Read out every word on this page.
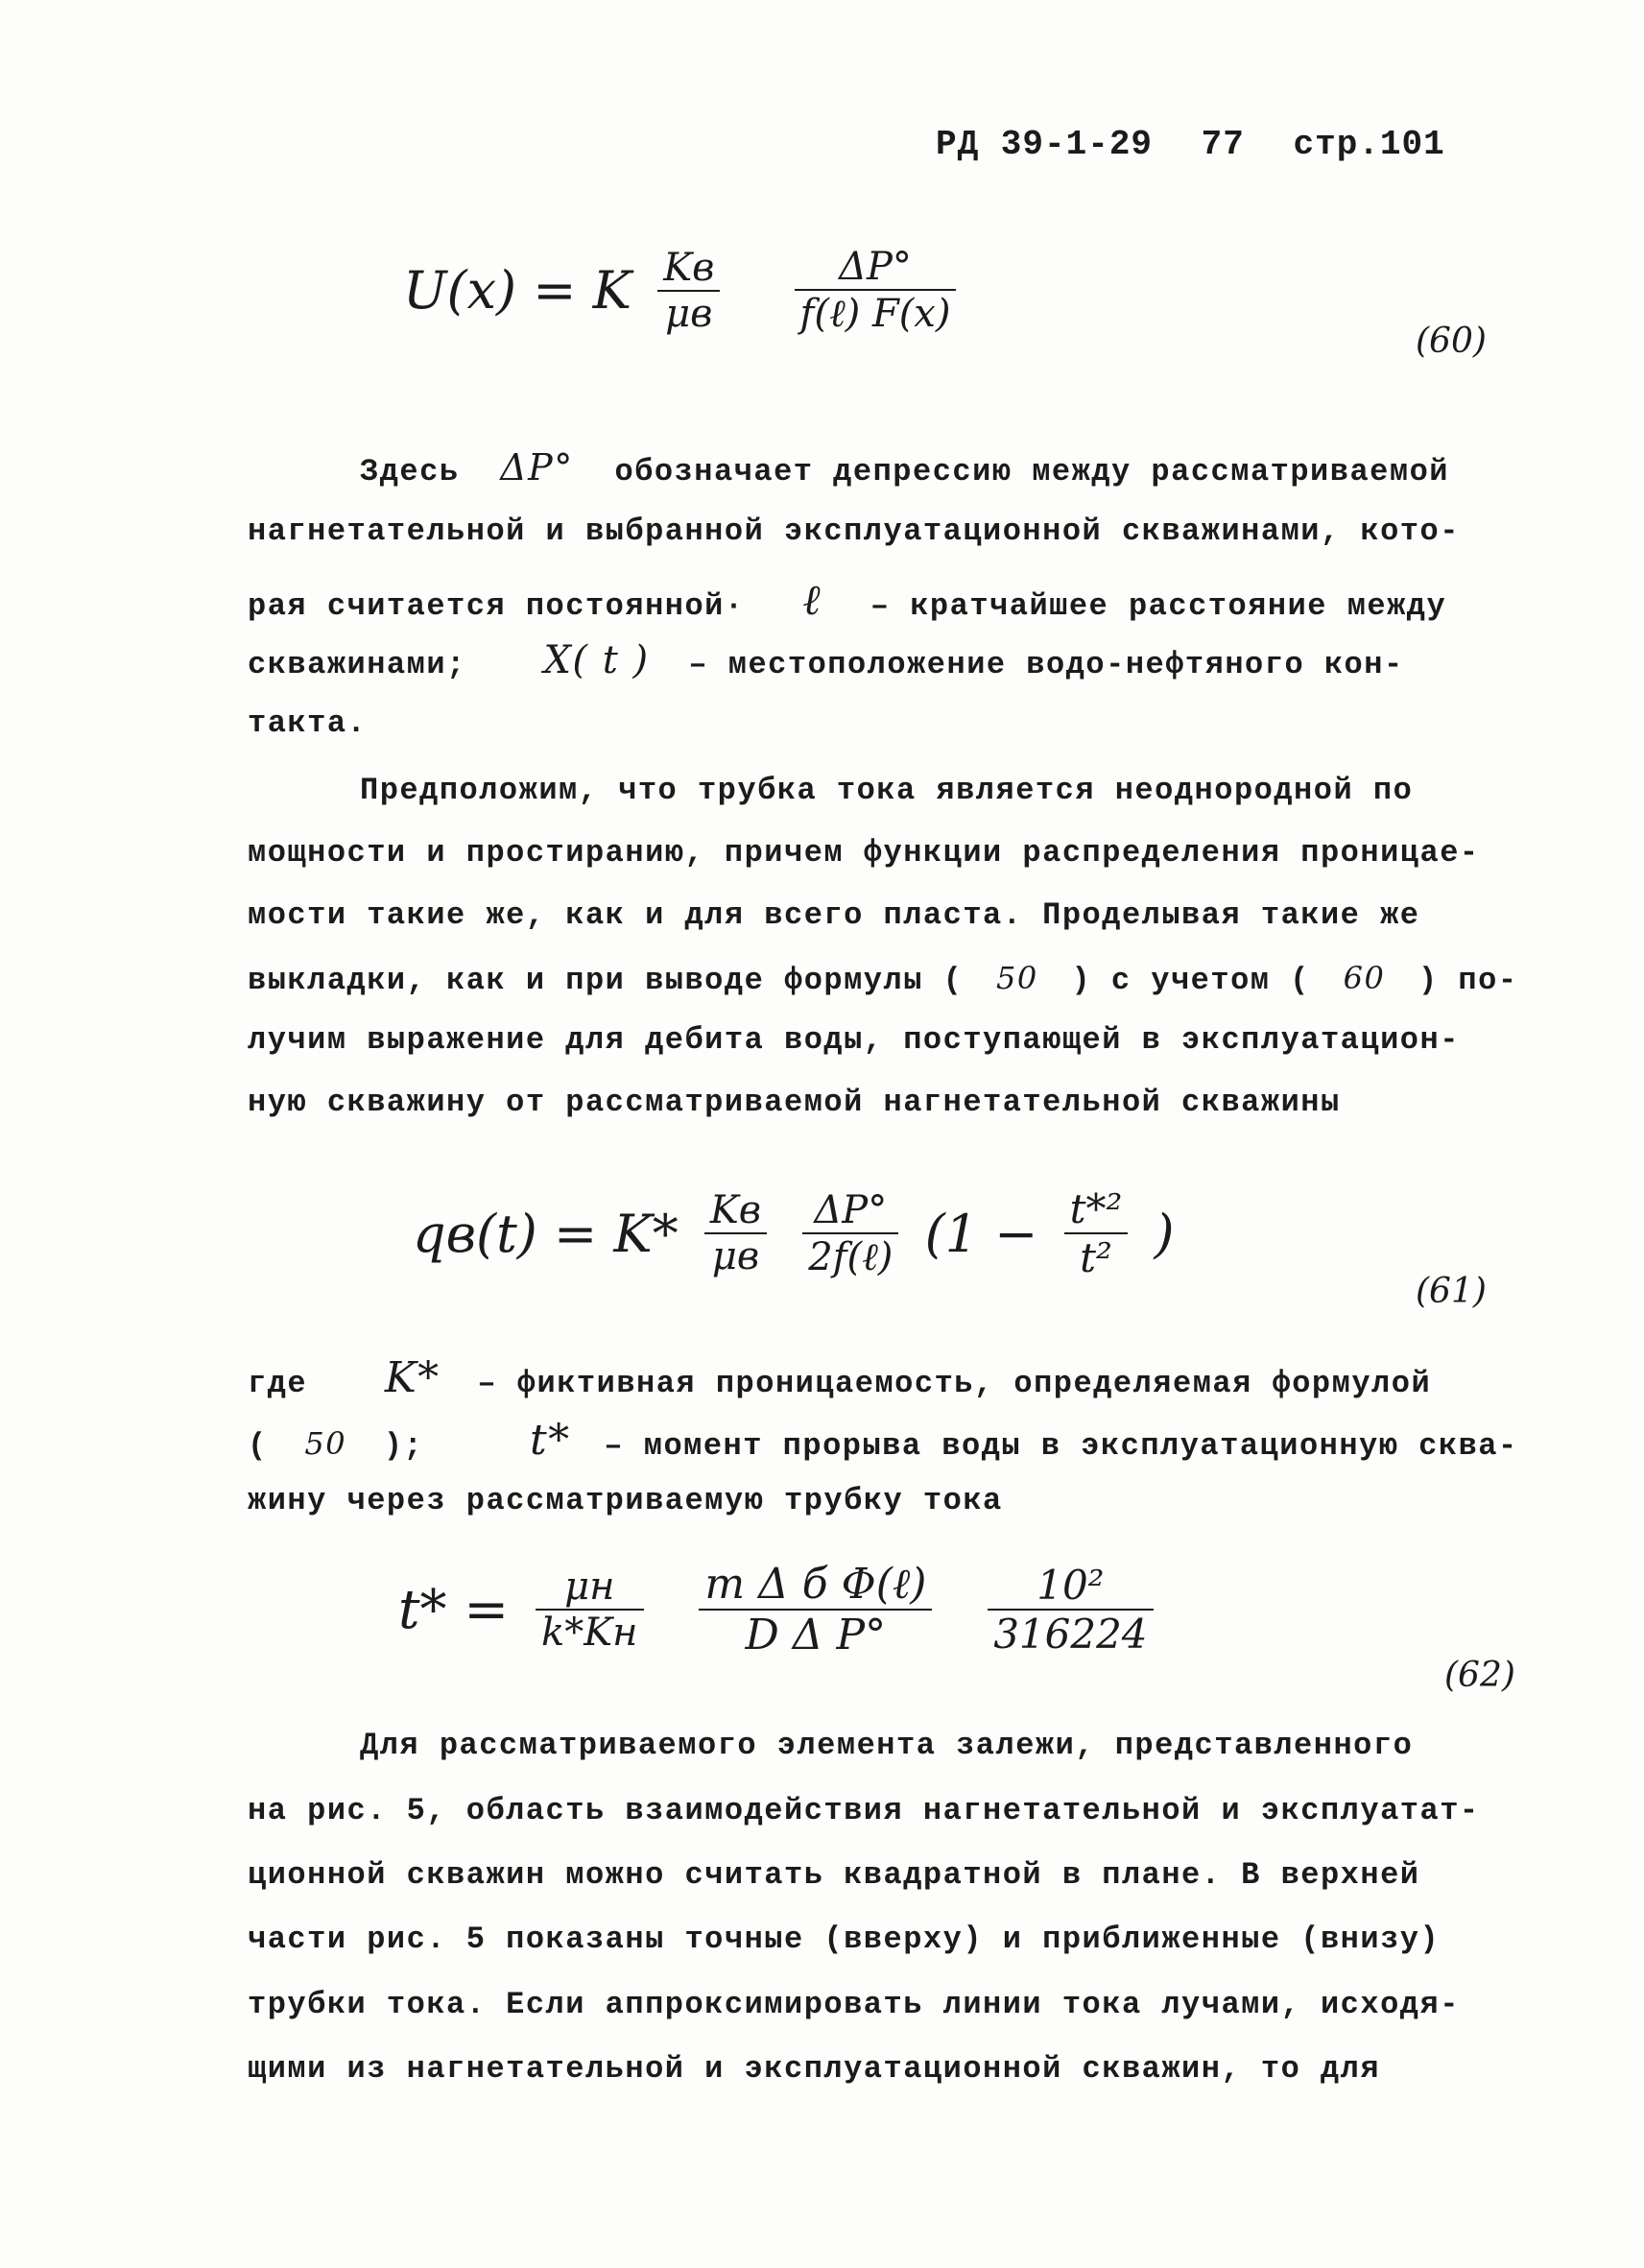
РД 39-1-29 77 стр.101
U(x) = K $\frac{Kв}{\mu в}$
$\frac{\Delta P^\circ}{\text{f(ℓ) F(x)}}$
(60)
Здесь ΔP° обозначает депрессию между рассматриваемой
нагнетательной и выбранной эксплуатационной скважинами, кото-
рая считается постоянной· ℓ – кратчайшее расстояние между
скважинами; X( t ) – местоположение водо-нефтяного кон-
такта.
Предположим, что трубка тока является неоднородной по
мощности и простиранию, причем функции распределения проницае-
мости такие же, как и для всего пласта. Проделывая такие же
выкладки, как и при выводе формулы ( 50 ) с учетом ( 60 ) по-
лучим выражение для дебита воды, поступающей в эксплуатацион-
ную скважину от рассматриваемой нагнетательной скважины
$qв(t) = K* \frac{Kв}{\mu в}$
$\frac{\Delta P^\circ}{\text{2f(ℓ)}} (1 - \frac{\text{t*²}}{\text{t²}}$ )
(61)
где K* – фиктивная проницаемость, определяемая формулой
( 50 );	t* – момент прорыва воды в эксплуатационную сква-
жину через рассматриваемую трубку тока
$t* = \frac{\mu н}{k*Kн}$
$\frac{\text{m Δ б Φ(ℓ)}}{\text{D Δ P°}}$
$\frac{\text{10²}}{316224}$
(62)
Для рассматриваемого элемента залежи, представленного
на рис. 5, область взаимодействия нагнетательной и эксплуатат-
ционной скважин можно считать квадратной в плане. В верхней
части рис. 5 показаны точные (вверху) и приближенные (внизу)
трубки тока. Если аппроксимировать линии тока лучами, исходя-
щими из нагнетательной и эксплуатационной скважин, то для
